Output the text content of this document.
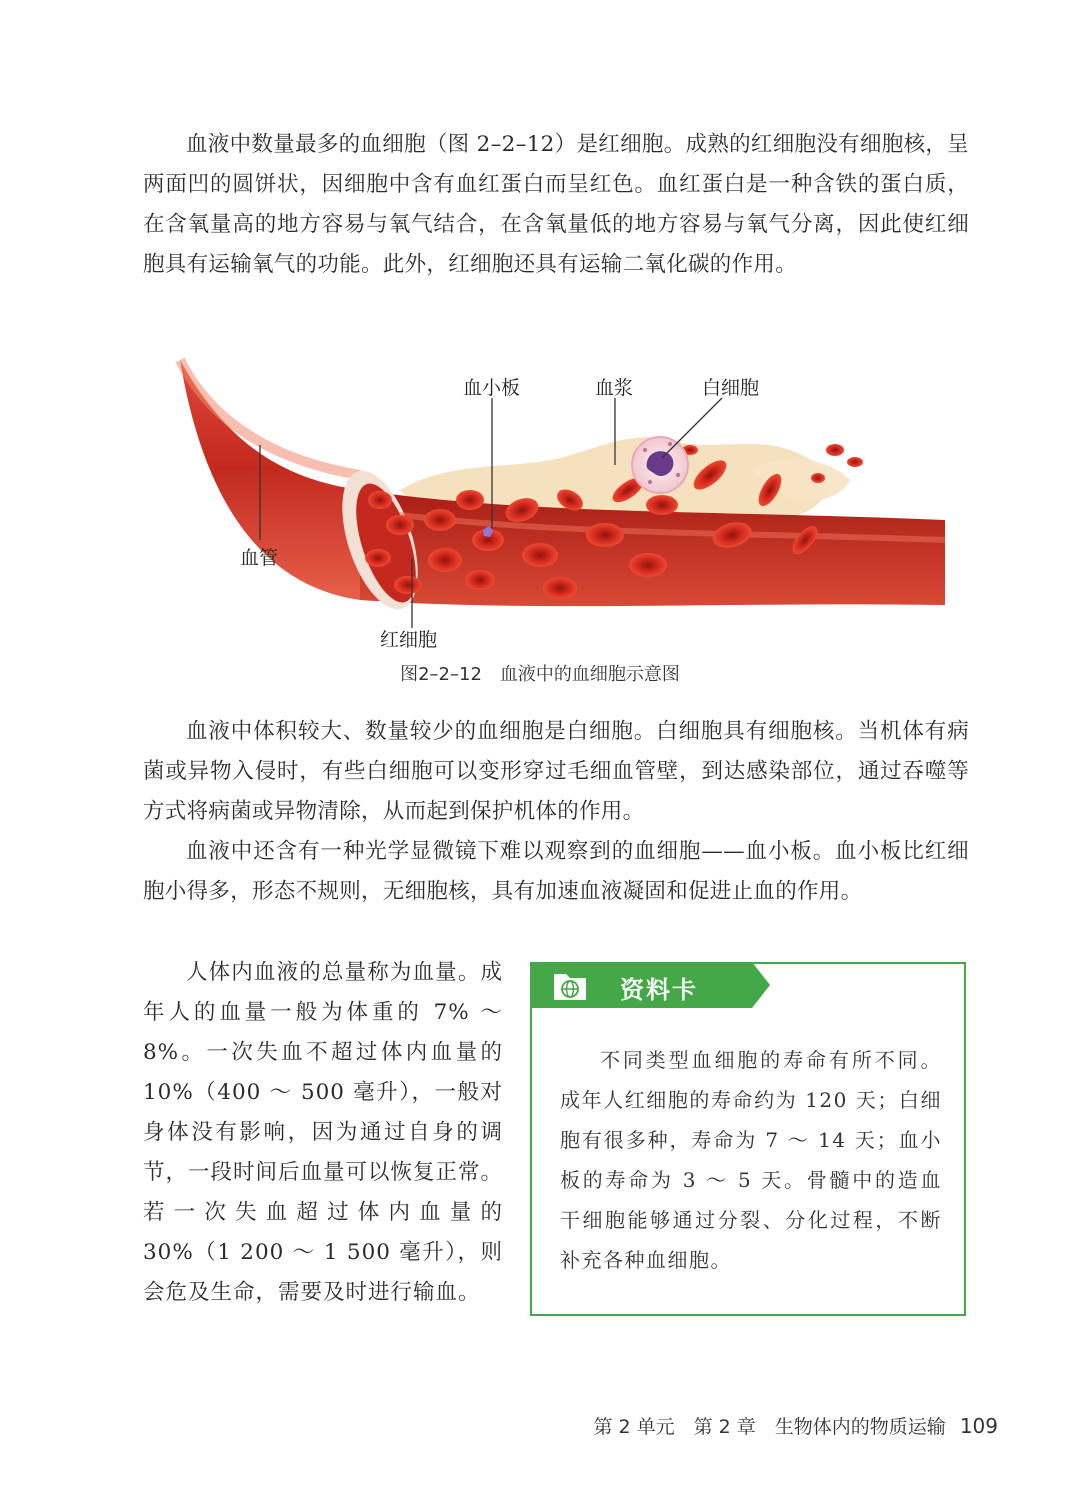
血液中数量最多的血细胞（图 2–2–12）是红细胞。成熟的红细胞没有细胞核，呈两面凹的圆饼状，因细胞中含有血红蛋白而呈红色。血红蛋白是一种含铁的蛋白质，在含氧量高的地方容易与氧气结合，在含氧量低的地方容易与氧气分离，因此使红细胞具有运输氧气的功能。此外，红细胞还具有运输二氧化碳的作用。

血小板	血浆	白细胞
血管
红细胞
图2–2–12　血液中的血细胞示意图

血液中体积较大、数量较少的血细胞是白细胞。白细胞具有细胞核。当机体有病菌或异物入侵时，有些白细胞可以变形穿过毛细血管壁，到达感染部位，通过吞噬等方式将病菌或异物清除，从而起到保护机体的作用。

血液中还含有一种光学显微镜下难以观察到的血细胞——血小板。血小板比红细胞小得多，形态不规则，无细胞核，具有加速血液凝固和促进止血的作用。

人体内血液的总量称为血量。成年人的血量一般为体重的 7% ～ 8%。一次失血不超过体内血量的 10%（400 ～ 500 毫升），一般对身体没有影响，因为通过自身的调节，一段时间后血量可以恢复正常。若一次失血超过体内血量的 30%（1 200 ～ 1 500 毫升），则会危及生命，需要及时进行输血。

资料卡

不同类型血细胞的寿命有所不同。成年人红细胞的寿命约为 120 天；白细胞有很多种，寿命为 7 ～ 14 天；血小板的寿命为 3 ～ 5 天。骨髓中的造血干细胞能够通过分裂、分化过程，不断补充各种血细胞。

第 2 单元　第 2 章　生物体内的物质运输 109
